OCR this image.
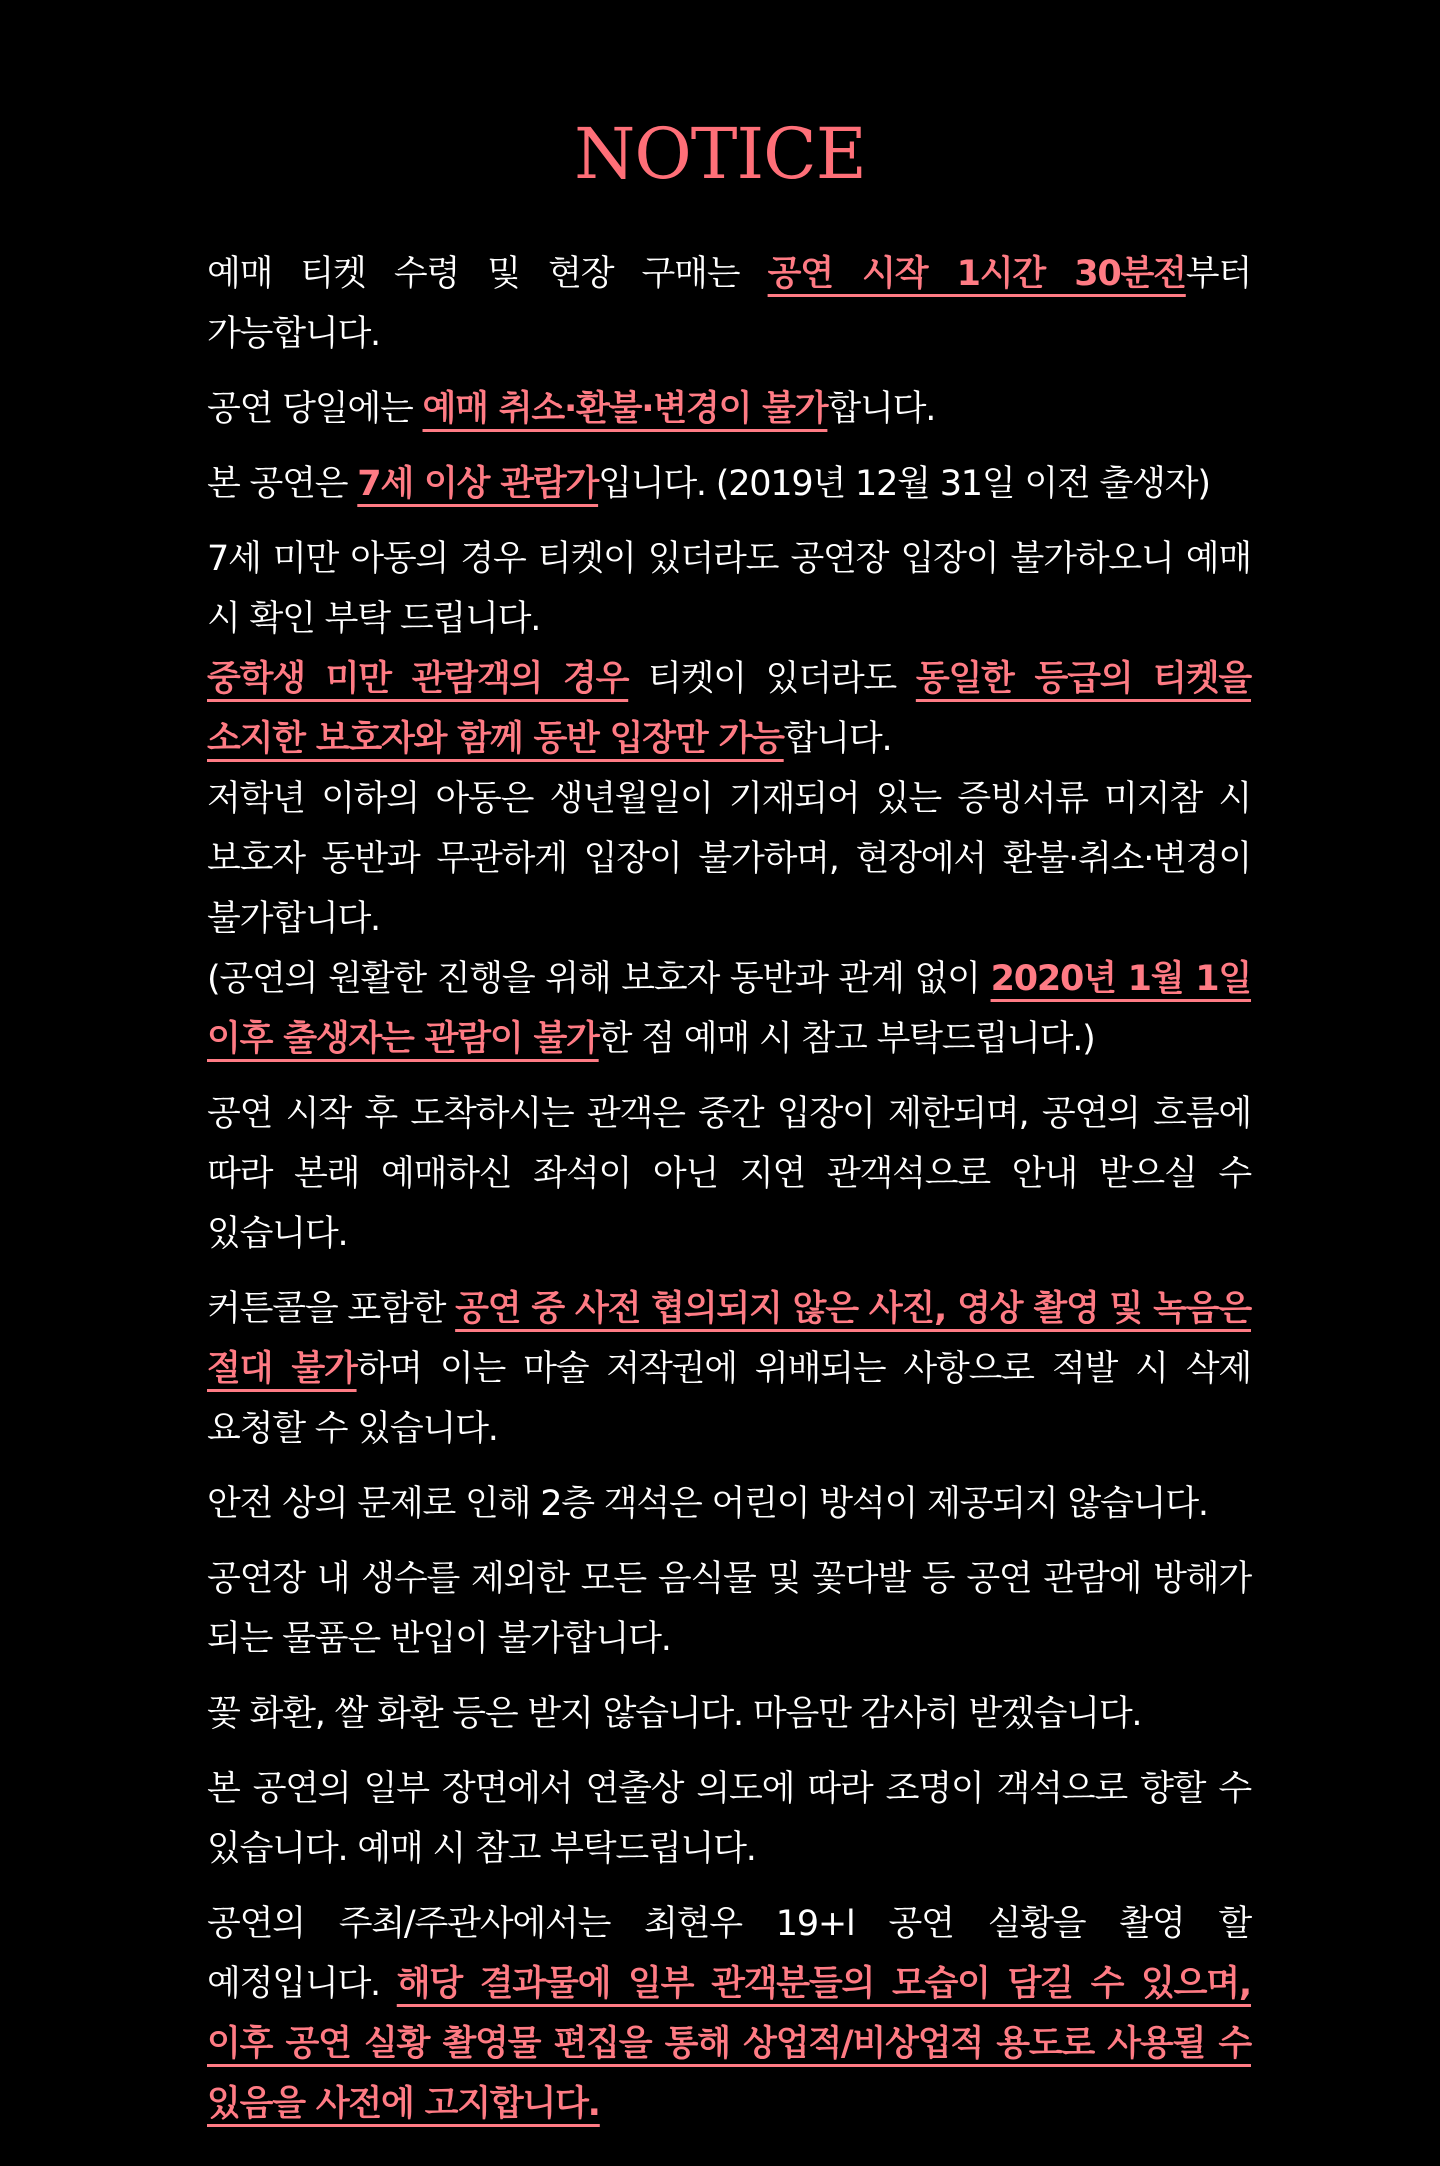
NOTICE

예매 티켓 수령 및 현장 구매는 공연 시작 1시간 30분전부터 가능합니다.

공연 당일에는 예매 취소·환불·변경이 불가합니다.

본 공연은 7세 이상 관람가입니다. (2019년 12월 31일 이전 출생자)

7세 미만 아동의 경우 티켓이 있더라도 공연장 입장이 불가하오니 예매 시 확인 부탁 드립니다.

중학생 미만 관람객의 경우 티켓이 있더라도 동일한 등급의 티켓을 소지한 보호자와 함께 동반 입장만 가능합니다.

저학년 이하의 아동은 생년월일이 기재되어 있는 증빙서류 미지참 시 보호자 동반과 무관하게 입장이 불가하며, 현장에서 환불·취소·변경이 불가합니다.

(공연의 원활한 진행을 위해 보호자 동반과 관계 없이 2020년 1월 1일 이후 출생자는 관람이 불가한 점 예매 시 참고 부탁드립니다.)

공연 시작 후 도착하시는 관객은 중간 입장이 제한되며, 공연의 흐름에 따라 본래 예매하신 좌석이 아닌 지연 관객석으로 안내 받으실 수 있습니다.

커튼콜을 포함한 공연 중 사전 협의되지 않은 사진, 영상 촬영 및 녹음은 절대 불가하며 이는 마술 저작권에 위배되는 사항으로 적발 시 삭제 요청할 수 있습니다.

안전 상의 문제로 인해 2층 객석은 어린이 방석이 제공되지 않습니다.

공연장 내 생수를 제외한 모든 음식물 및 꽃다발 등 공연 관람에 방해가 되는 물품은 반입이 불가합니다.

꽃 화환, 쌀 화환 등은 받지 않습니다. 마음만 감사히 받겠습니다.

본 공연의 일부 장면에서 연출상 의도에 따라 조명이 객석으로 향할 수 있습니다. 예매 시 참고 부탁드립니다.

공연의 주최/주관사에서는 최현우 19+l 공연 실황을 촬영 할 예정입니다. 해당 결과물에 일부 관객분들의 모습이 담길 수 있으며, 이후 공연 실황 촬영물 편집을 통해 상업적/비상업적 용도로 사용될 수 있음을 사전에 고지합니다.
